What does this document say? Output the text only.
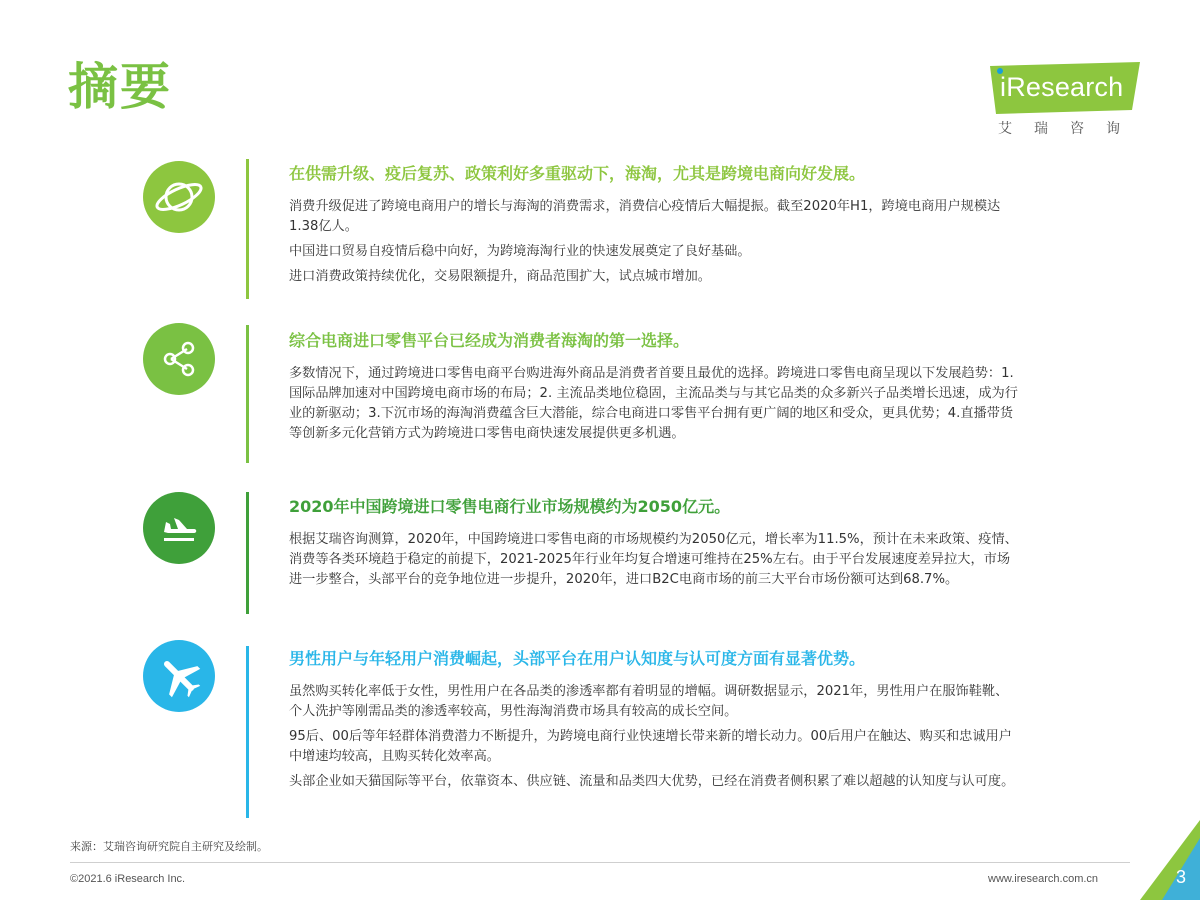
摘要	iResearch
艾瑞咨询
在供需升级、疫后复苏、政策利好多重驱动下，海淘，尤其是跨境电商向好发展。

消费升级促进了跨境电商用户的增长与海淘的消费需求，消费信心疫情后大幅提振。截至2020年H1，跨境电商用户规模达1.38亿人。

中国进口贸易自疫情后稳中向好，为跨境海淘行业的快速发展奠定了良好基础。

进口消费政策持续优化，交易限额提升，商品范围扩大，试点城市增加。

综合电商进口零售平台已经成为消费者海淘的第一选择。

多数情况下，通过跨境进口零售电商平台购进海外商品是消费者首要且最优的选择。跨境进口零售电商呈现以下发展趋势：1.国际品牌加速对中国跨境电商市场的布局；2. 主流品类地位稳固，主流品类与与其它品类的众多新兴子品类增长迅速，成为行业的新驱动；3.下沉市场的海淘消费蕴含巨大潜能，综合电商进口零售平台拥有更广阔的地区和受众，更具优势；4.直播带货等创新多元化营销方式为跨境进口零售电商快速发展提供更多机遇。

2020年中国跨境进口零售电商行业市场规模约为2050亿元。

根据艾瑞咨询测算，2020年，中国跨境进口零售电商的市场规模约为2050亿元，增长率为11.5%，预计在未来政策、疫情、消费等各类环境趋于稳定的前提下，2021-2025年行业年均复合增速可维持在25%左右。由于平台发展速度差异拉大，市场进一步整合，头部平台的竞争地位进一步提升，2020年，进口B2C电商市场的前三大平台市场份额可达到68.7%。

男性用户与年轻用户消费崛起，头部平台在用户认知度与认可度方面有显著优势。

虽然购买转化率低于女性，男性用户在各品类的渗透率都有着明显的增幅。调研数据显示，2021年，男性用户在服饰鞋靴、个人洗护等刚需品类的渗透率较高，男性海淘消费市场具有较高的成长空间。

95后、00后等年轻群体消费潜力不断提升，为跨境电商行业快速增长带来新的增长动力。00后用户在触达、购买和忠诚用户中增速均较高，且购买转化效率高。

头部企业如天猫国际等平台，依靠资本、供应链、流量和品类四大优势，已经在消费者侧积累了难以超越的认知度与认可度。

来源：艾瑞咨询研究院自主研究及绘制。
©2021.6 iResearch Inc.	www.iresearch.com.cn	3
